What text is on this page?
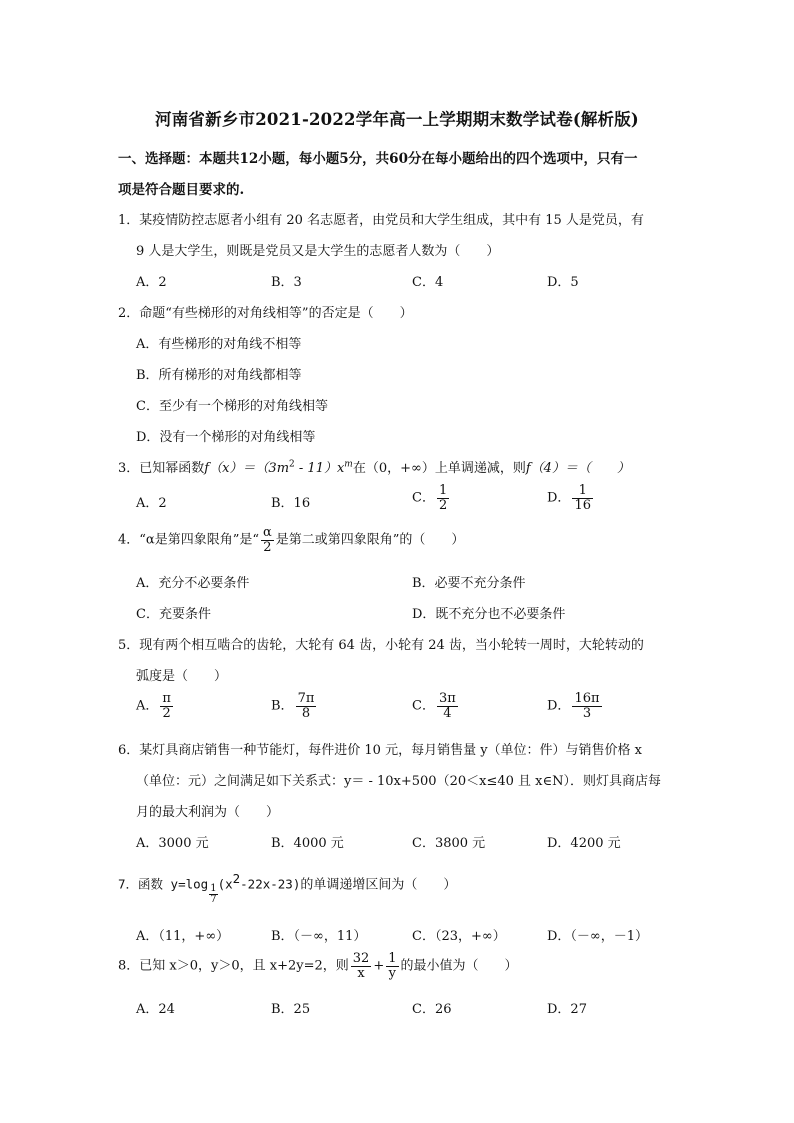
河南省新乡市2021-2022学年高一上学期期末数学试卷(解析版)
一、选择题：本题共12小题，每小题5分，共60分在每小题给出的四个选项中，只有一
项是符合题目要求的.
1．某疫情防控志愿者小组有 20 名志愿者，由党员和大学生组成，其中有 15 人是党员，有
9 人是大学生，则既是党员又是大学生的志愿者人数为（　　）
A．2	B．3	C．4	D．5
2．命题“有些梯形的对角线相等”的否定是（　　）
A．有些梯形的对角线不相等
B．所有梯形的对角线都相等
C．至少有一个梯形的对角线相等
D．没有一个梯形的对角线相等
3．已知幂函数$f(x)=(3m^2 - 11)x^m$在（0，+∞）上单调递减，则f（4）＝（　　）
A．2	B．16	C． $\frac{1}{2}$	D． $\frac{1}{16}$
4．“α是第四象限角”是“ $\frac{\alpha}{2}$ 是第二或第四象限角”的（　　）
A．充分不必要条件	B．必要不充分条件
C．充要条件	D．既不充分也不必要条件
5．现有两个相互啮合的齿轮，大轮有 64 齿，小轮有 24 齿，当小轮转一周时，大轮转动的
弧度是（　　）
A． $\frac{\pi}{2}$	B． $\frac{7\pi}{8}$	C． $\frac{3\pi}{4}$	D． $\frac{16\pi}{3}$
6．某灯具商店销售一种节能灯，每件进价 10 元，每月销售量 y（单位：件）与销售价格 x
（单位：元）之间满足如下关系式：y＝ - 10x+500（20＜x≤40 且 x∈N）．则灯具商店每
月的最大利润为（　　）
A．3000 元	B．4000 元	C．3800 元	D．4200 元
7．函数 y=log
$\frac{1}{7}$
$(x^2-22x-23)$的单调递增区间为（　　）
A．（11，+∞）	B．（－∞，11）	C．（23，+∞）	D．（－∞，－1）
8．已知 x＞0，y＞0，且 x+2y=2，则 $\frac{32}{x} + \frac{1}{y}$ 的最小值为（　　）
A．24	B．25	C．26	D．27
